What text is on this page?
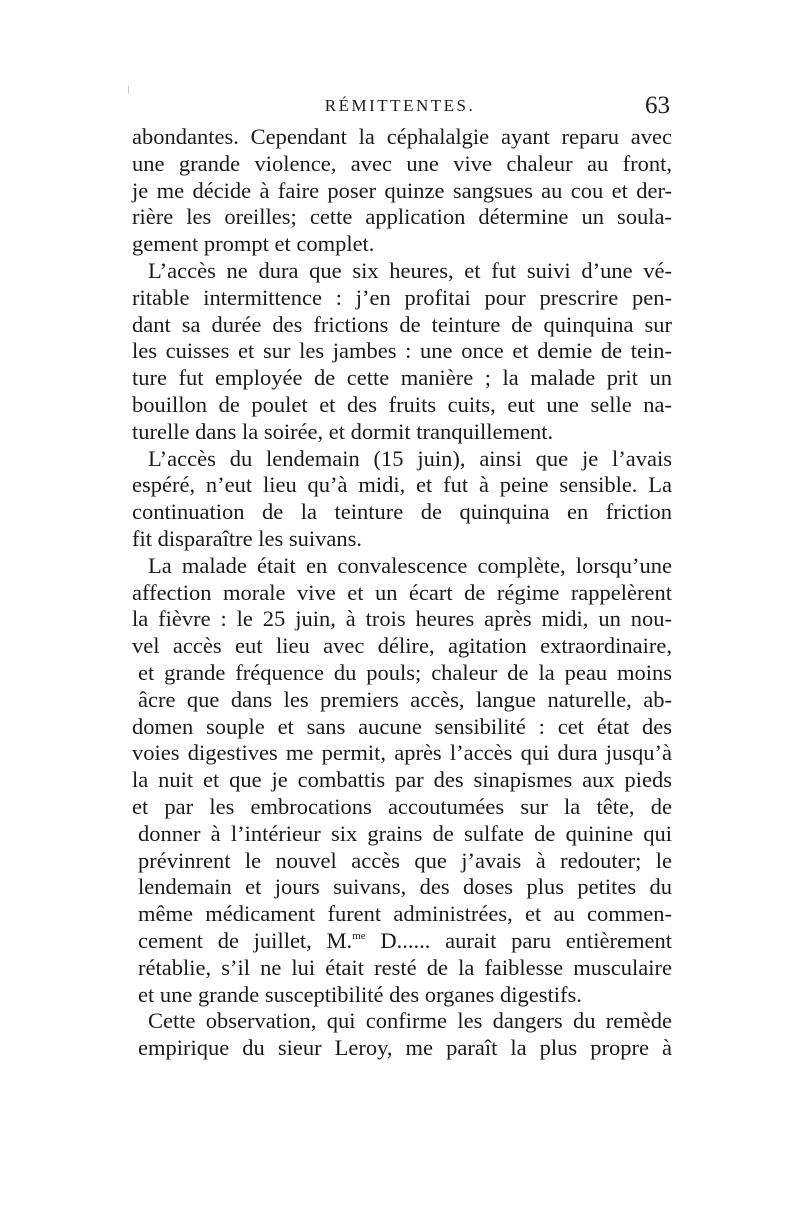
RÉMITTENTES.	63
abondantes. Cependant la céphalalgie ayant reparu avec
une grande violence, avec une vive chaleur au front,
je me décide à faire poser quinze sangsues au cou et der-
rière les oreilles; cette application détermine un soula-
gement prompt et complet.
L’accès ne dura que six heures, et fut suivi d’une vé-
ritable intermittence : j’en profitai pour prescrire pen-
dant sa durée des frictions de teinture de quinquina sur
les cuisses et sur les jambes : une once et demie de tein-
ture fut employée de cette manière ; la malade prit un
bouillon de poulet et des fruits cuits, eut une selle na-
turelle dans la soirée, et dormit tranquillement.
L’accès du lendemain (15 juin), ainsi que je l’avais
espéré, n’eut lieu qu’à midi, et fut à peine sensible. La
continuation de la teinture de quinquina en friction
fit disparaître les suivans.
La malade était en convalescence complète, lorsqu’une
affection morale vive et un écart de régime rappelèrent
la fièvre : le 25 juin, à trois heures après midi, un nou-
vel accès eut lieu avec délire, agitation extraordinaire,
et grande fréquence du pouls; chaleur de la peau moins
âcre que dans les premiers accès, langue naturelle, ab-
domen souple et sans aucune sensibilité : cet état des
voies digestives me permit, après l’accès qui dura jusqu’à
la nuit et que je combattis par des sinapismes aux pieds
et par les embrocations accoutumées sur la tête, de
donner à l’intérieur six grains de sulfate de quinine qui
prévinrent le nouvel accès que j’avais à redouter; le
lendemain et jours suivans, des doses plus petites du
même médicament furent administrées, et au commen-
cement de juillet, M.$^{me}$ D...... aurait paru entièrement
rétablie, s’il ne lui était resté de la faiblesse musculaire
et une grande susceptibilité des organes digestifs.
Cette observation, qui confirme les dangers du remède
empirique du sieur Leroy, me paraît la plus propre à
